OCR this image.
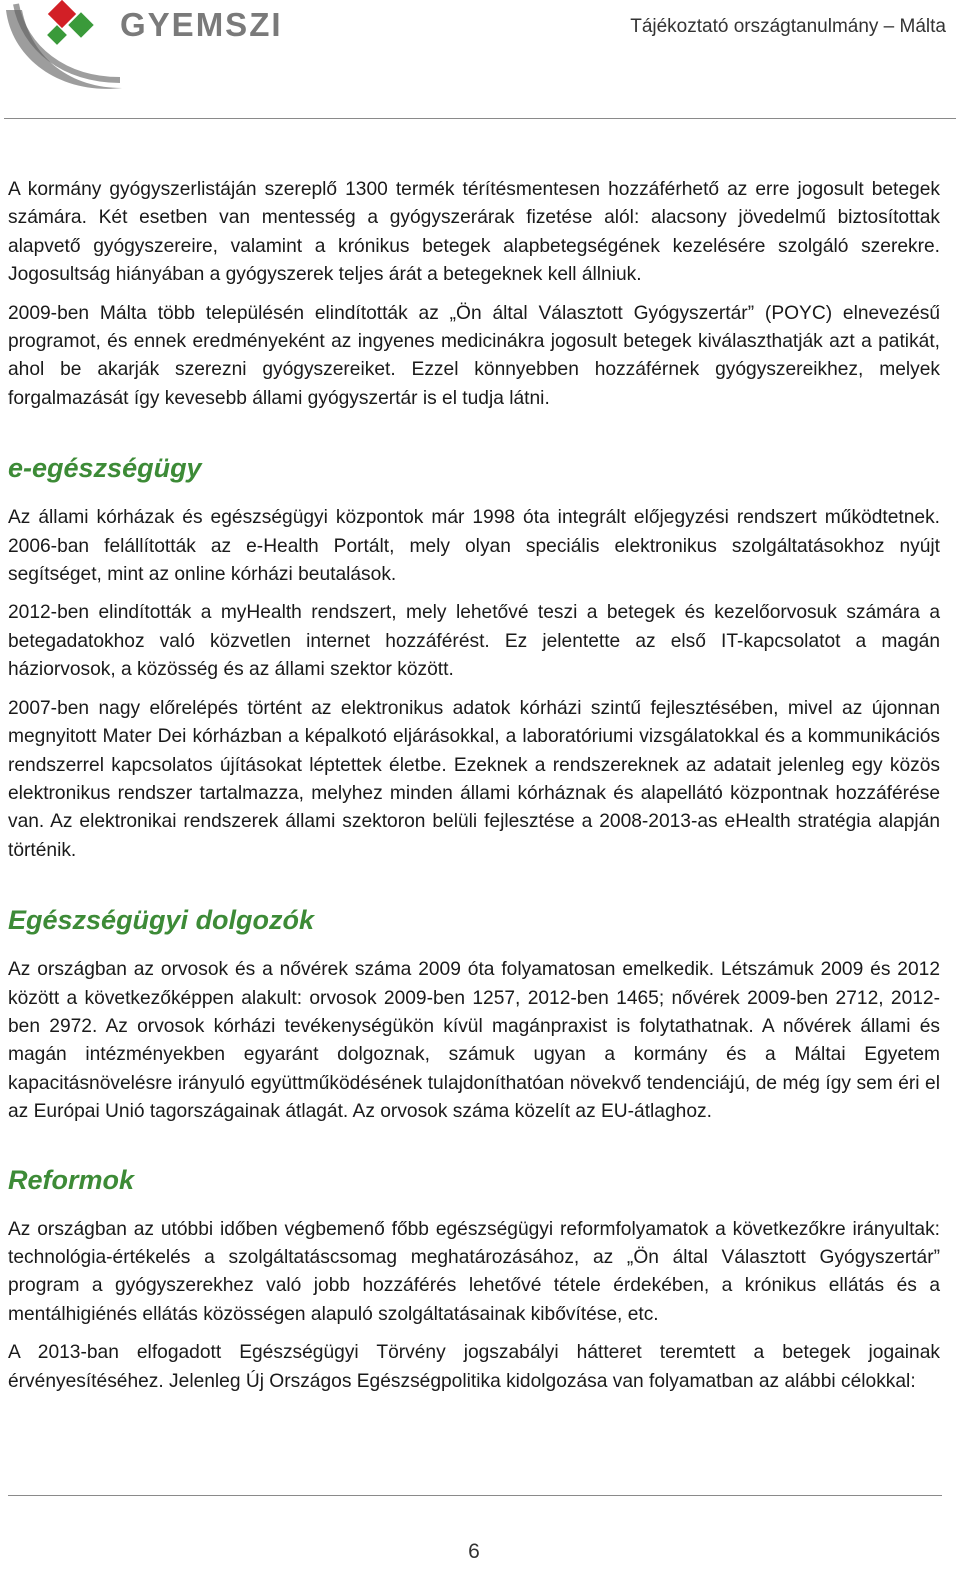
GYEMSZI	Tájékoztató országtanulmány – Málta

A kormány gyógyszerlistáján szereplő 1300 termék térítésmentesen hozzáférhető az erre jogosult betegek számára. Két esetben van mentesség a gyógyszerárak fizetése alól: alacsony jövedelmű biztosítottak alapvető gyógyszereire, valamint a krónikus betegek alapbetegségének kezelésére szolgáló szerekre. Jogosultság hiányában a gyógyszerek teljes árát a betegeknek kell állniuk.

2009-ben Málta több településén elindították az „Ön által Választott Gyógyszertár” (POYC) elnevezésű programot, és ennek eredményeként az ingyenes medicinákra jogosult betegek kiválaszthatják azt a patikát, ahol be akarják szerezni gyógyszereiket. Ezzel könnyebben hozzáférnek gyógyszereikhez, melyek forgalmazását így kevesebb állami gyógyszertár is el tudja látni.

e-egészségügy

Az állami kórházak és egészségügyi központok már 1998 óta integrált előjegyzési rendszert működtetnek. 2006-ban felállították az e-Health Portált, mely olyan speciális elektronikus szolgáltatásokhoz nyújt segítséget, mint az online kórházi beutalások.

2012-ben elindították a myHealth rendszert, mely lehetővé teszi a betegek és kezelőorvosuk számára a betegadatokhoz való közvetlen internet hozzáférést. Ez jelentette az első IT-kapcsolatot a magán háziorvosok, a közösség és az állami szektor között.

2007-ben nagy előrelépés történt az elektronikus adatok kórházi szintű fejlesztésében, mivel az újonnan megnyitott Mater Dei kórházban a képalkotó eljárásokkal, a laboratóriumi vizsgálatokkal és a kommunikációs rendszerrel kapcsolatos újításokat léptettek életbe. Ezeknek a rendszereknek az adatait jelenleg egy közös elektronikus rendszer tartalmazza, melyhez minden állami kórháznak és alapellátó központnak hozzáférése van. Az elektronikai rendszerek állami szektoron belüli fejlesztése a 2008-2013-as eHealth stratégia alapján történik.

Egészségügyi dolgozók

Az országban az orvosok és a nővérek száma 2009 óta folyamatosan emelkedik. Létszámuk 2009 és 2012 között a következőképpen alakult: orvosok 2009-ben 1257, 2012-ben 1465; nővérek 2009-ben 2712, 2012-ben 2972. Az orvosok kórházi tevékenységükön kívül magánpraxist is folytathatnak. A nővérek állami és magán intézményekben egyaránt dolgoznak, számuk ugyan a kormány és a Máltai Egyetem kapacitásnövelésre irányuló együttműködésének tulajdoníthatóan növekvő tendenciájú, de még így sem éri el az Európai Unió tagországainak átlagát. Az orvosok száma közelít az EU-átlaghoz.

Reformok

Az országban az utóbbi időben végbemenő főbb egészségügyi reformfolyamatok a következőkre irányultak: technológia-értékelés a szolgáltatáscsomag meghatározásához, az „Ön által Választott Gyógyszertár” program a gyógyszerekhez való jobb hozzáférés lehetővé tétele érdekében, a krónikus ellátás és a mentálhigiénés ellátás közösségen alapuló szolgáltatásainak kibővítése, etc.

A 2013-ban elfogadott Egészségügyi Törvény jogszabályi hátteret teremtett a betegek jogainak érvényesítéséhez. Jelenleg Új Országos Egészségpolitika kidolgozása van folyamatban az alábbi célokkal:

6
